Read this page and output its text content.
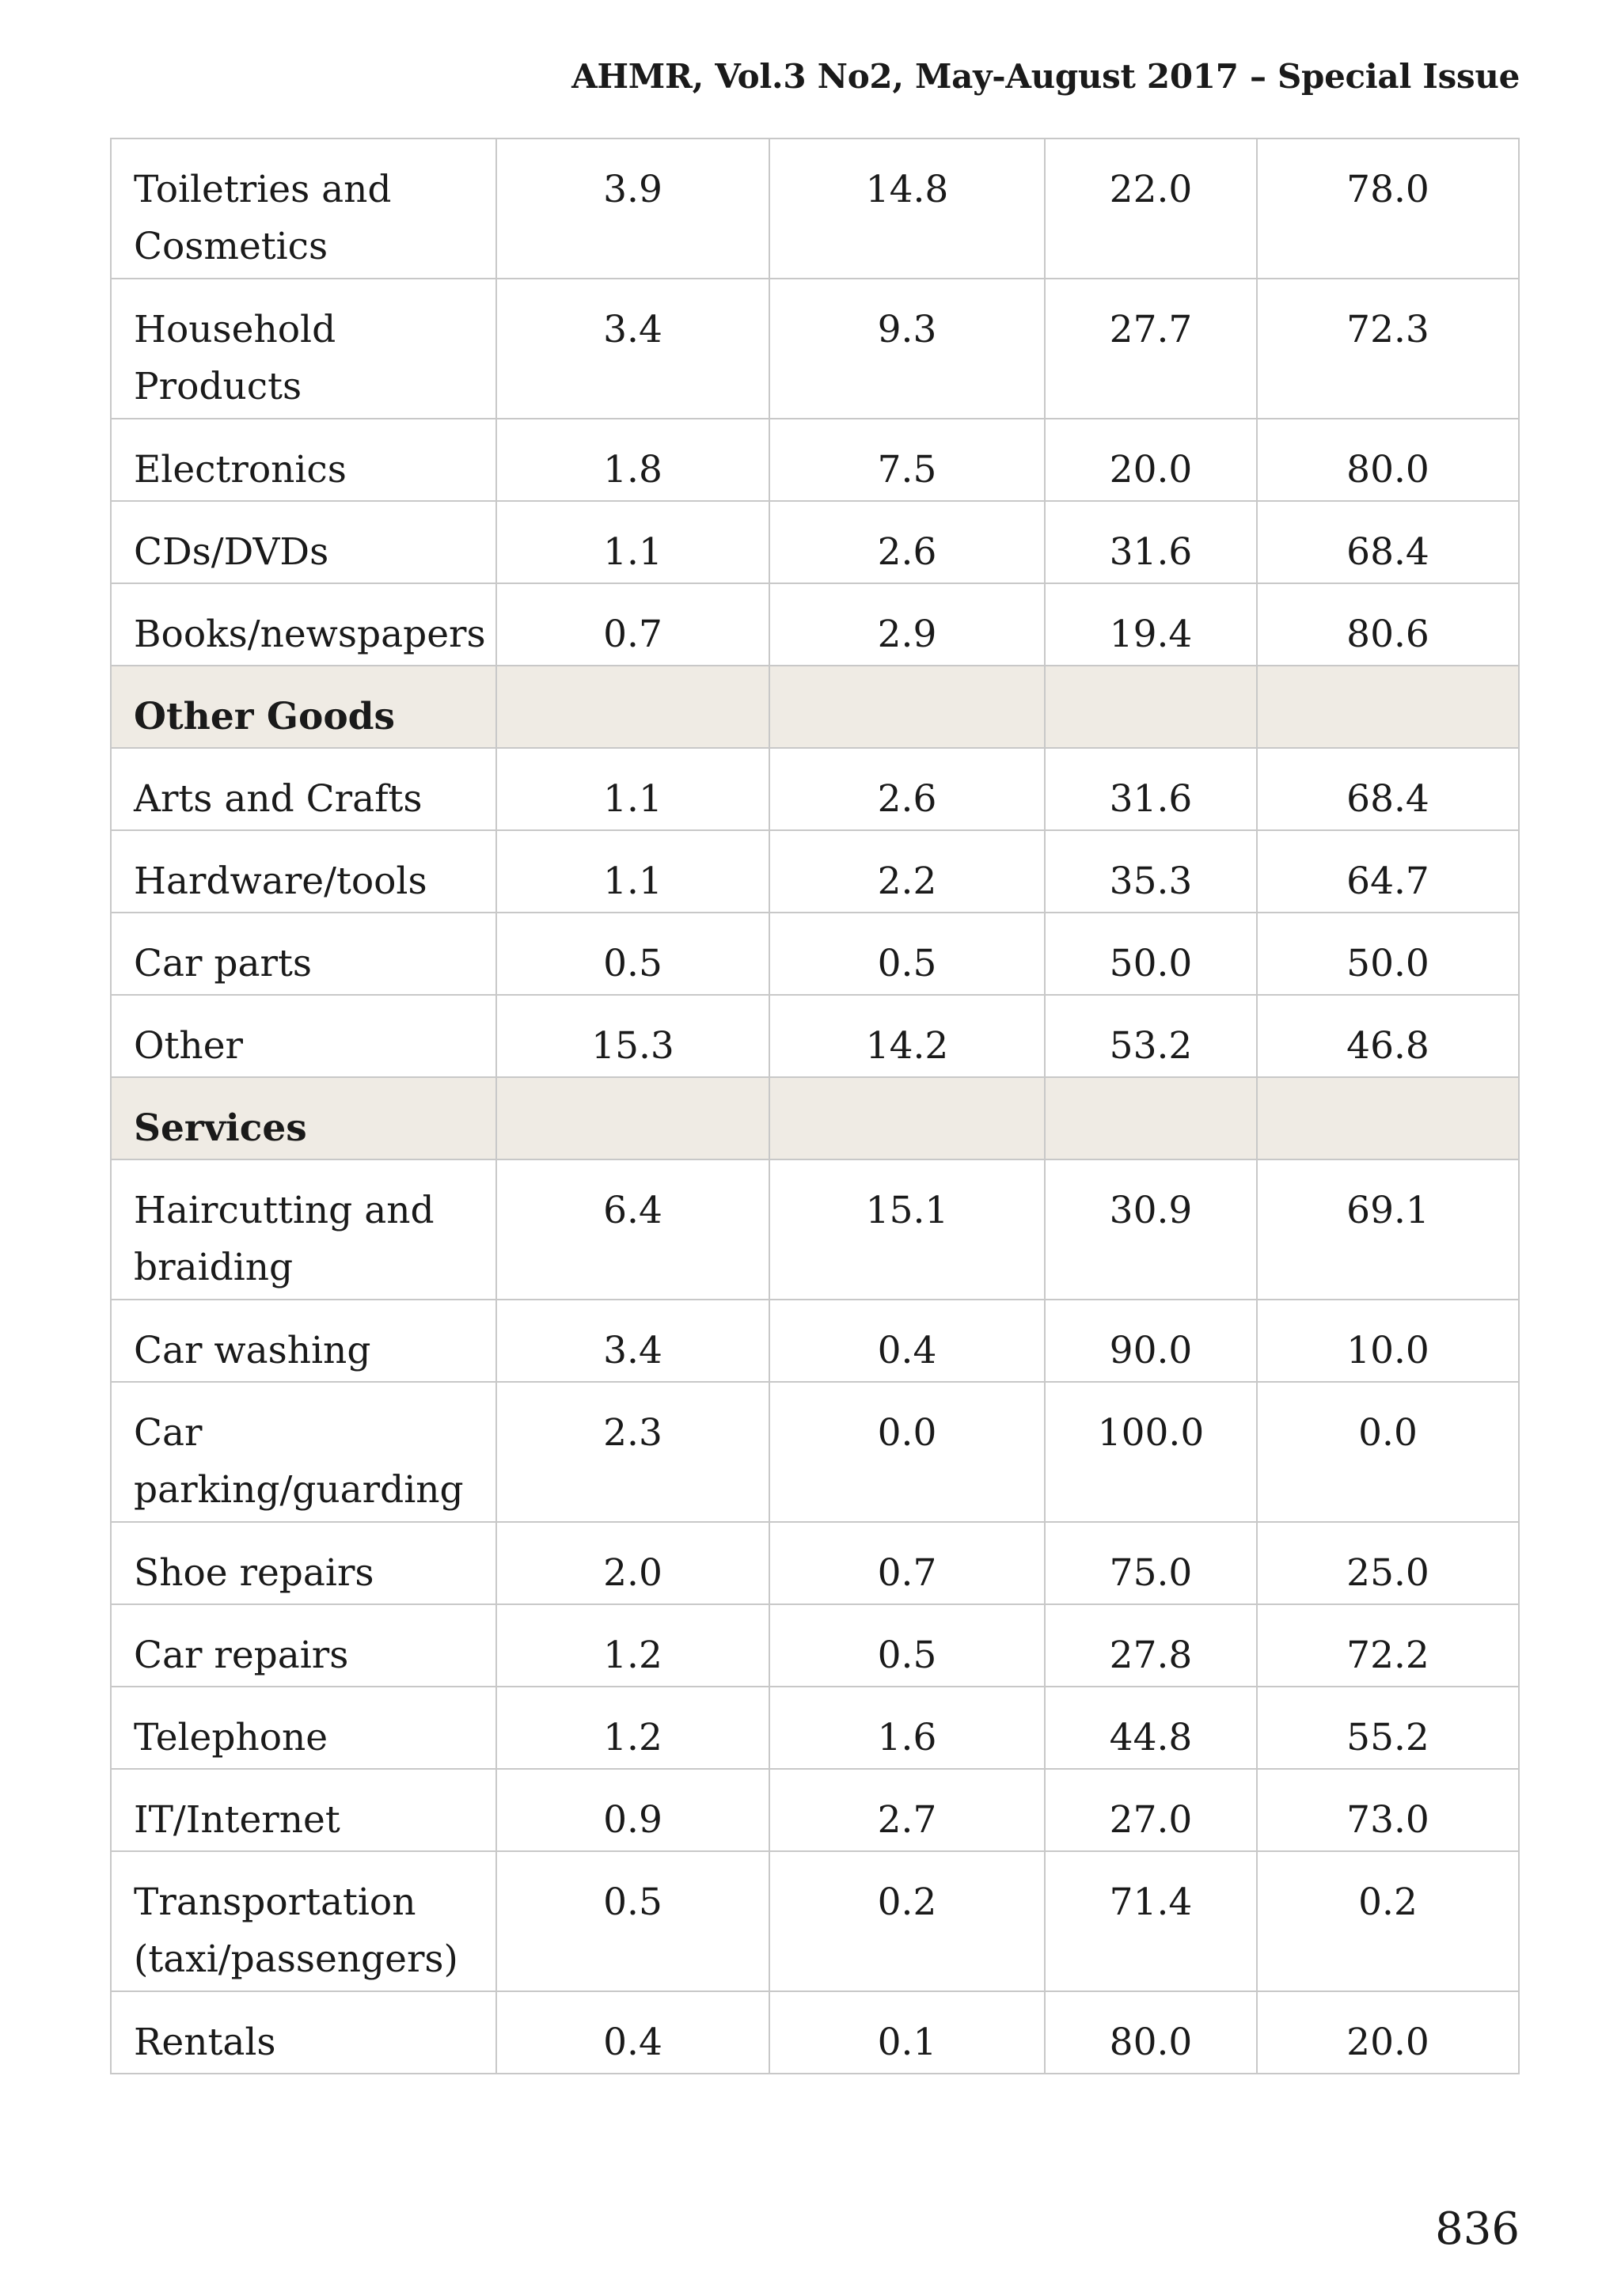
AHMR, Vol.3 No2, May-August 2017 – Special Issue
Toiletries and Cosmetics	3.9	14.8	22.0	78.0
Household Products	3.4	9.3	27.7	72.3
Electronics	1.8	7.5	20.0	80.0
CDs/DVDs	1.1	2.6	31.6	68.4
Books/newspapers	0.7	2.9	19.4	80.6
Other Goods				
Arts and Crafts	1.1	2.6	31.6	68.4
Hardware/tools	1.1	2.2	35.3	64.7
Car parts	0.5	0.5	50.0	50.0
Other	15.3	14.2	53.2	46.8
Services				
Haircutting and braiding	6.4	15.1	30.9	69.1
Car washing	3.4	0.4	90.0	10.0
Car parking/guarding	2.3	0.0	100.0	0.0
Shoe repairs	2.0	0.7	75.0	25.0
Car repairs	1.2	0.5	27.8	72.2
Telephone	1.2	1.6	44.8	55.2
IT/Internet	0.9	2.7	27.0	73.0
Transportation (taxi/passengers)	0.5	0.2	71.4	0.2
Rentals	0.4	0.1	80.0	20.0
836
